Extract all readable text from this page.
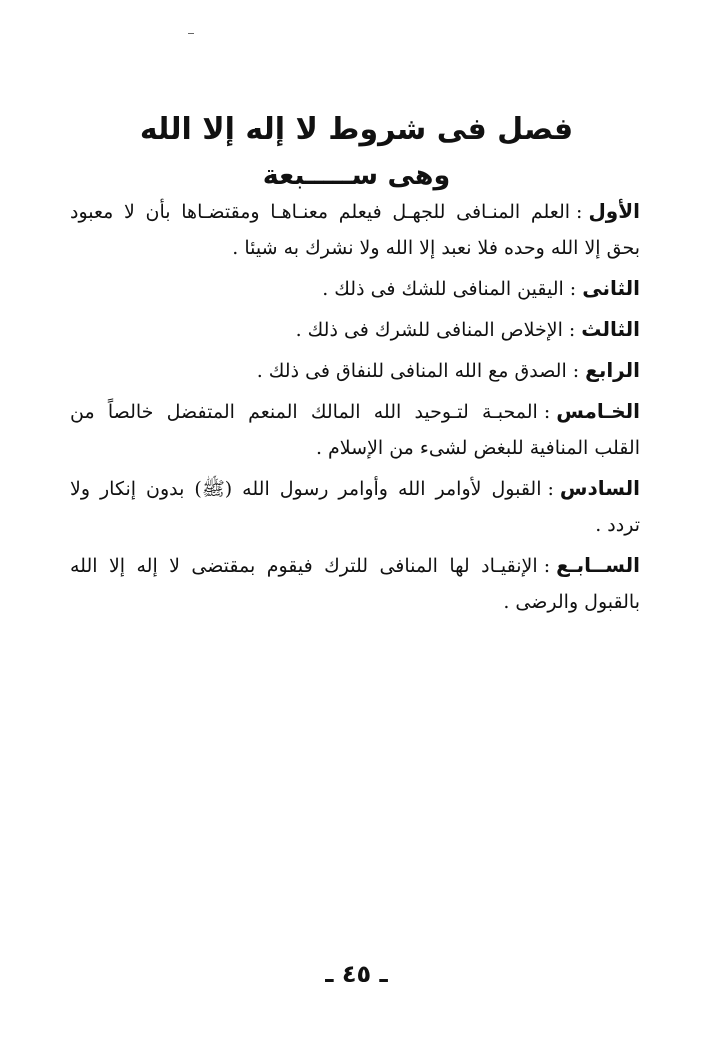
فصل فى شروط لا إله إلا الله
وهى ســـــبعة

الأول:العلم المنـافى للجهـل فيعلم معنـاهـا ومقتضـاها بأن لا معبود بحق إلا الله وحده فلا نعبد إلا الله ولا نشرك به شيئا .

الثانى:اليقين المنافى للشك فى ذلك .

الثالث:الإخلاص المنافى للشرك فى ذلك .

الرابع:الصدق مع الله المنافى للنفاق فى ذلك .

الخـامس:المحبـة لتـوحيد الله المالك المنعم المتفضل خالصاً من القلب المنافية للبغض لشىء من الإسلام .

السادس:القبول لأوامر الله وأوامر رسول الله (ﷺ) بدون إنكار ولا تردد .

الســابـع:الإنقيـاد لها المنافى للترك فيقوم بمقتضى لا إله إلا الله بالقبول والرضى .

ـ ٤٥ ـ
